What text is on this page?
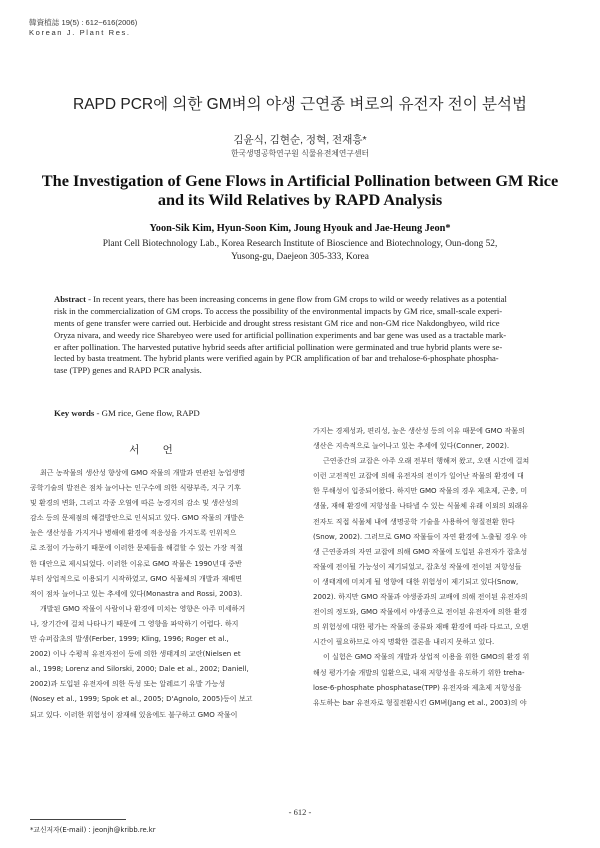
韓資植誌 19(5) : 612~616(2006)
Korean J. Plant Res.
RAPD PCR에 의한 GM벼의 야생 근연종 벼로의 유전자 전이 분석법
김윤식, 김현순, 정혁, 전재흥*
한국생명공학연구원 식물유전체연구센터
The Investigation of Gene Flows in Artificial Pollination between GM Rice
and its Wild Relatives by RAPD Analysis
Yoon-Sik Kim, Hyun-Soon Kim, Joung Hyouk and Jae-Heung Jeon*
Plant Cell Biotechnology Lab., Korea Research Institute of Bioscience and Biotechnology, Oun-dong 52,
Yusong-gu, Daejeon 305-333, Korea
Abstract - In recent years, there has been increasing concerns in gene flow from GM crops to wild or weedy relatives as a potential
risk in the commercialization of GM crops. To access the possibility of the environmental impacts by GM rice, small-scale experi-
ments of gene transfer were carried out. Herbicide and drought stress resistant GM rice and non-GM rice Nakdongbyeo, wild rice
Oryza nivara, and weedy rice Sharebyeo were used for artificial pollination experiments and bar gene was used as a tractable mark-
er after pollination. The harvested putative hybrid seeds after artificial pollination were germinated and true hybrid plants were se-
lected by basta treatment. The hybrid plants were verified again by PCR amplification of bar and trehalose-6-phosphate phospha-
tase (TPP) genes and RAPD PCR analysis.
Key words - GM rice, Gene flow, RAPD
서 언
최근 농작물의 생산성 향상에 GMO 작물의 개발과 연관된 농업생명
공학기술의 발전은 점차 늘어나는 인구수에 의한 식량부족, 지구 기후
및 환경의 변화, 그리고 각종 오염에 따른 농경지의 감소 및 생산성의
감소 등의 문제점의 해결방안으로 인식되고 있다. GMO 작물의 개발은
높은 생산성을 가지거나 병해에 환경에 적응성을 가지도록 인위적으
로 조절이 가능하기 때문에 이러한 문제들을 해결할 수 있는 가장 적절
한 대안으로 제시되었다. 이러한 이유로 GMO 작물은 1990년대 중반
부터 상업적으로 이용되기 시작하였고, GMO 식물체의 개발과 재배면
적이 점차 늘어나고 있는 추세에 있다(Monastra and Rossi, 2003).
개발된 GMO 작물이 사람이나 환경에 미치는 영향은 아주 미세하거
나, 장기간에 걸쳐 나타나기 때문에 그 영향을 파악하기 어렵다. 하지
만 슈퍼잡초의 발생(Ferber, 1999; Kling, 1996; Roger et al.,
2002) 이나 수평적 유전자전이 등에 의한 생태계의 교란(Nielsen et
al., 1998; Lorenz and Silorski, 2000; Dale et al., 2002; Daniell,
2002)과 도입된 유전자에 의한 독성 또는 알레르기 유발 가능성
(Nosey et al., 1999; Spok et al., 2005; D'Agnolo, 2005)등이 보고
되고 있다. 이러한 위험성이 잠재해 있음에도 불구하고 GMO 작물이
가지는 경제성과, 편리성, 높은 생산성 등의 이유 때문에 GMO 작물의
생산은 지속적으로 늘어나고 있는 추세에 있다(Conner, 2002).
근연종간의 교잡은 아주 오래 전부터 행해져 왔고, 오랜 시간에 걸쳐
이런 고전적인 교잡에 의해 유전자의 전이가 일어난 작물의 환경에 대
한 무해성이 입증되어왔다. 하지만 GMO 작물의 경우 제초제, 곤충, 미
생물, 재해 환경에 저항성을 나타낼 수 있는 식물체 유래 이외의 외래유
전자도 직접 식물체 내에 생명공학 기술을 사용하여 형질전환 한다
(Snow, 2002). 그러므로 GMO 작물들이 자연 환경에 노출될 경우 야
생 근연종과의 자연 교잡에 의해 GMO 작물에 도입된 유전자가 잡초성
작물에 전이될 가능성이 제기되었고, 잡초성 작물에 전이된 저항성들
이 생태계에 미치게 될 영향에 대한 위험성이 제기되고 있다(Snow,
2002). 하지만 GMO 작물과 야생종과의 교배에 의해 전이된 유전자의
전이의 정도와, GMO 작물에서 야생종으로 전이된 유전자에 의한 환경
의 위험성에 대한 평가는 작물의 종류와 재배 환경에 따라 다르고, 오랜
시간이 필요하므로 아직 명확한 결론을 내리지 못하고 있다.
이 실험은 GMO 작물의 개발과 상업적 이용을 위한 GMO의 환경 위
해성 평가기술 개발의 일환으로, 내재 저항성을 유도하기 위한 treha-
lose-6-phosphate phosphatase(TPP) 유전자와 제초제 저항성을
유도하는 bar 유전자로 형질전환시킨 GM벼(Jang et al., 2003)의 야
*교신저자(E-mail) : jeonjh@kribb.re.kr
- 612 -
